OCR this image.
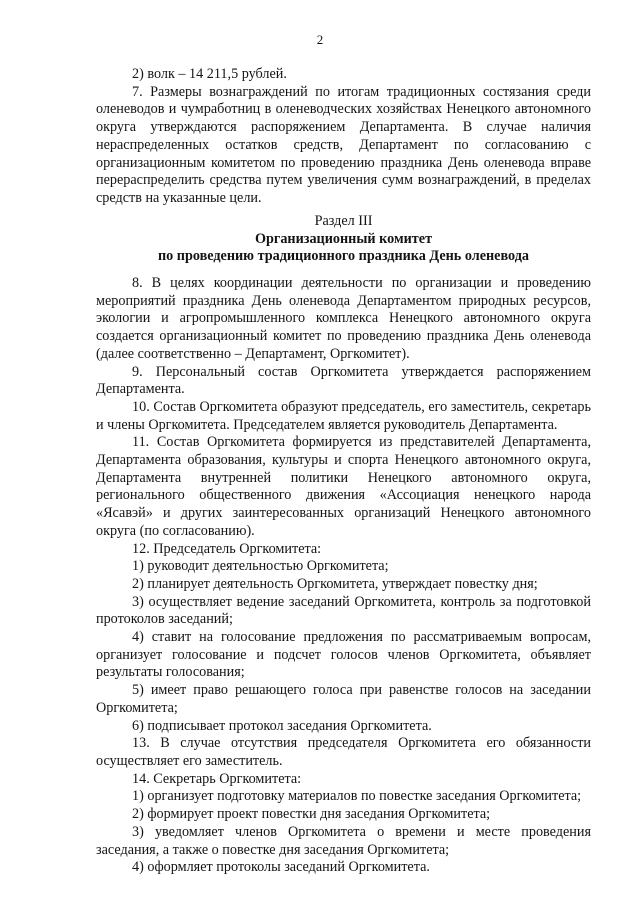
2

2) волк – 14 211,5 рублей.

7. Размеры вознаграждений по итогам традиционных состязания среди оленеводов и чумработниц в оленеводческих хозяйствах Ненецкого автономного округа утверждаются распоряжением Департамента. В случае наличия нераспределенных остатков средств, Департамент по согласованию с организационным комитетом по проведению праздника День оленевода вправе перераспределить средства путем увеличения сумм вознаграждений, в пределах средств на указанные цели.

Раздел III

Организационный комитет

по проведению традиционного праздника День оленевода

8. В целях координации деятельности по организации и проведению мероприятий праздника День оленевода Департаментом природных ресурсов, экологии и агропромышленного комплекса Ненецкого автономного округа создается организационный комитет по проведению праздника День оленевода (далее соответственно – Департамент, Оргкомитет).

9. Персональный состав Оргкомитета утверждается распоряжением Департамента.

10. Состав Оргкомитета образуют председатель, его заместитель, секретарь и члены Оргкомитета. Председателем является руководитель Департамента.

11. Состав Оргкомитета формируется из представителей Департамента, Департамента образования, культуры и спорта Ненецкого автономного округа, Департамента внутренней политики Ненецкого автономного округа, регионального общественного движения «Ассоциация ненецкого народа «Ясавэй» и других заинтересованных организаций Ненецкого автономного округа (по согласованию).

12. Председатель Оргкомитета:

1) руководит деятельностью Оргкомитета;

2) планирует деятельность Оргкомитета, утверждает повестку дня;

3) осуществляет ведение заседаний Оргкомитета, контроль за подготовкой протоколов заседаний;

4) ставит на голосование предложения по рассматриваемым вопросам, организует голосование и подсчет голосов членов Оргкомитета, объявляет результаты голосования;

5) имеет право решающего голоса при равенстве голосов на заседании Оргкомитета;

6) подписывает протокол заседания Оргкомитета.

13. В случае отсутствия председателя Оргкомитета его обязанности осуществляет его заместитель.

14. Секретарь Оргкомитета:

1) организует подготовку материалов по повестке заседания Оргкомитета;

2) формирует проект повестки дня заседания Оргкомитета;

3) уведомляет членов Оргкомитета о времени и месте проведения заседания, а также о повестке дня заседания Оргкомитета;

4) оформляет протоколы заседаний Оргкомитета.
